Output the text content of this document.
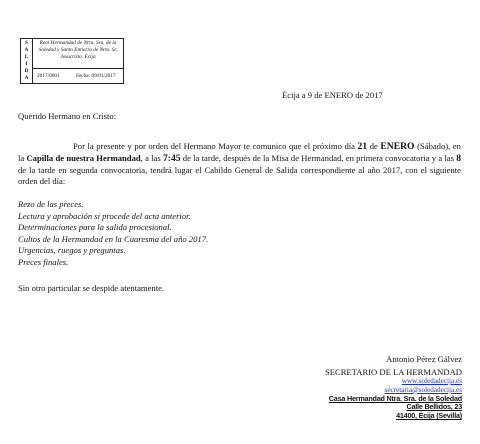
S
A
L
I
D
A
Real Hermandad de Ntra. Sra. de la Soledad y Santo Entierro de Ntro. Sr. Jesucristo. Écija
2017/0001	Fecha: 09/01/2017
Écija a 9 de ENERO de 2017
Querido Hermano en Cristo:
Por la presente y por orden del Hermano Mayor te comunico que el próximo día 21 de ENERO (Sábado), en la Capilla de nuestra Hermandad, a las 7:45 de la tarde, después de la Misa de Hermandad, en primera convocatoria y a las 8 de la tarde en segunda convocatoria, tendrá lugar el Cabildo General de Salida correspondiente al año 2017, con el siguiente orden del día:
Rezo de las preces.
Lectura y aprobación si procede del acta anterior.
Determinaciones para la salida procesional.
Cultos de la Hermandad en la Cuaresma del año 2017.
Urgencias, ruegos y preguntas.
Preces finales.
Sin otro particular se despide atentamente.
Antonio Pérez Gálvez
SECRETARIO DE LA HERMANDAD
www.soledadecija.es
secretaria@soledadecija.es
Casa Hermandad Ntra. Sra. de la Soledad
Calle Bellidos, 23
41400, Écija (Sevilla)
